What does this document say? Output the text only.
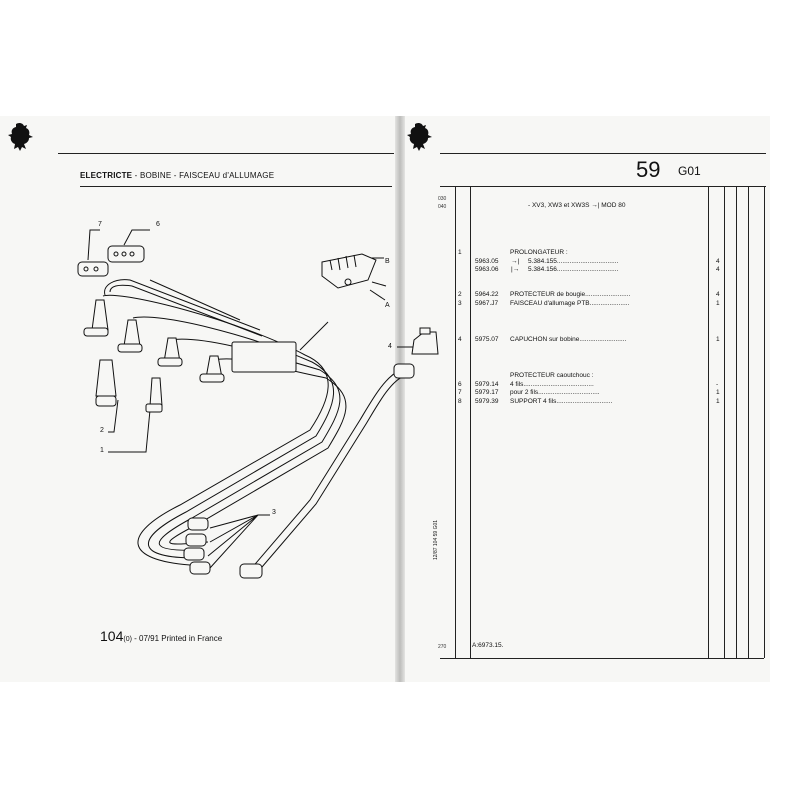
ELECTRICTE - BOBINE - FAISCEAU d'ALLUMAGE
7	6
B
A
4
2
1
3
104(0) - 07/91 Printed in France
59 G01
030
040	- XV3, XW3 et XW3S →| MOD 80
1	PROLONGATEUR :
5963.05 →| 5.384.155..................................	4
5963.06 |→ 5.384.156..................................	4
2 5964.22 PROTECTEUR de bougie.........................	4
3 5967.J7 FAISCEAU d'allumage PTB......................	1
4 5975.07 CAPUCHON sur bobine..........................	1
PROTECTEUR caoutchouc :
6 5979.14 4 fils.......................................	-
7 5979.17 pour 2 fils..................................	1
8 5979.39 SUPPORT 4 fils...............................	1
12/87 104 59 G01
270	A:6973.15.
